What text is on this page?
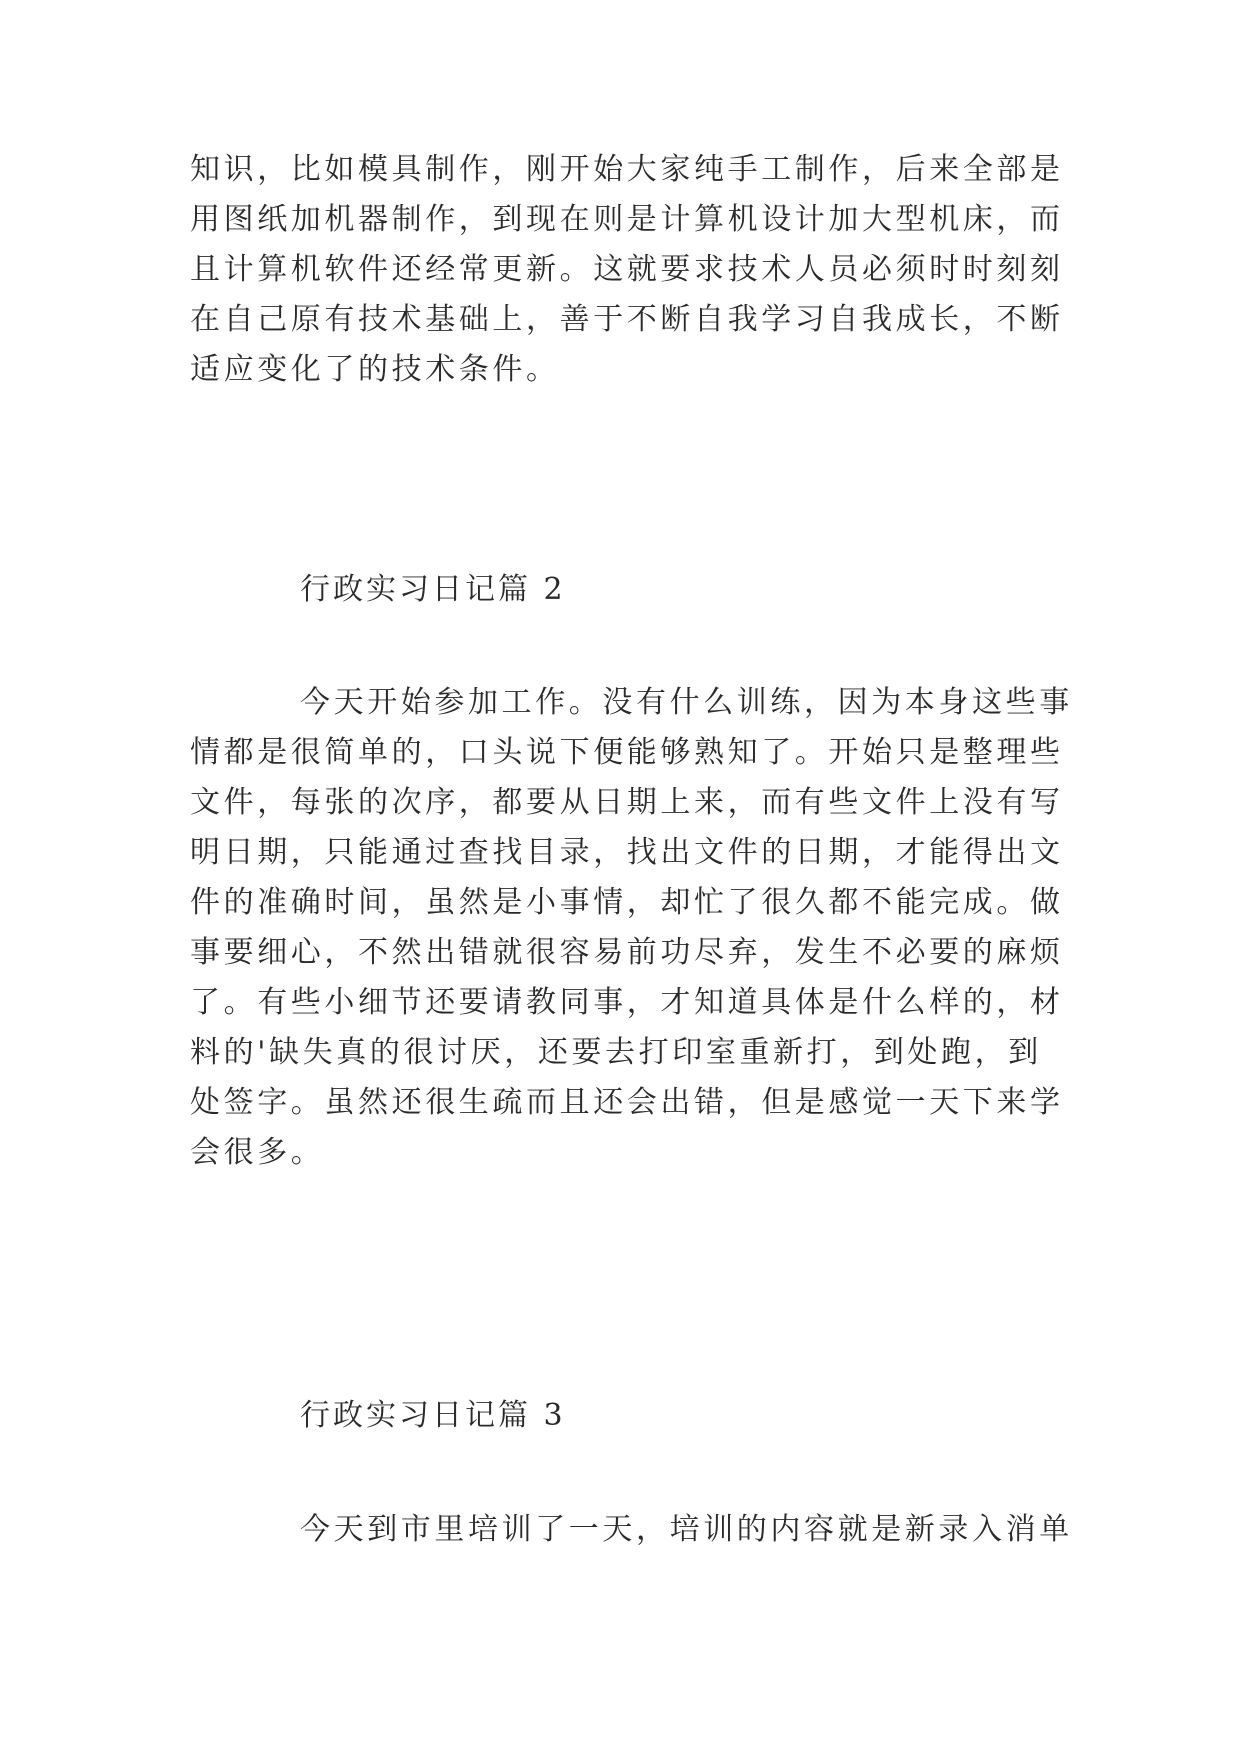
知识，比如模具制作，刚开始大家纯手工制作，后来全部是
用图纸加机器制作，到现在则是计算机设计加大型机床，而
且计算机软件还经常更新。这就要求技术人员必须时时刻刻
在自己原有技术基础上，善于不断自我学习自我成长，不断
适应变化了的技术条件。
行政实习日记篇 2
今天开始参加工作。没有什么训练，因为本身这些事
情都是很简单的，口头说下便能够熟知了。开始只是整理些
文件，每张的次序，都要从日期上来，而有些文件上没有写
明日期，只能通过查找目录，找出文件的日期，才能得出文
件的准确时间，虽然是小事情，却忙了很久都不能完成。做
事要细心，不然出错就很容易前功尽弃，发生不必要的麻烦
了。有些小细节还要请教同事，才知道具体是什么样的，材
料的'缺失真的很讨厌，还要去打印室重新打，到处跑，到
处签字。虽然还很生疏而且还会出错，但是感觉一天下来学
会很多。
行政实习日记篇 3
今天到市里培训了一天，培训的内容就是新录入消单
